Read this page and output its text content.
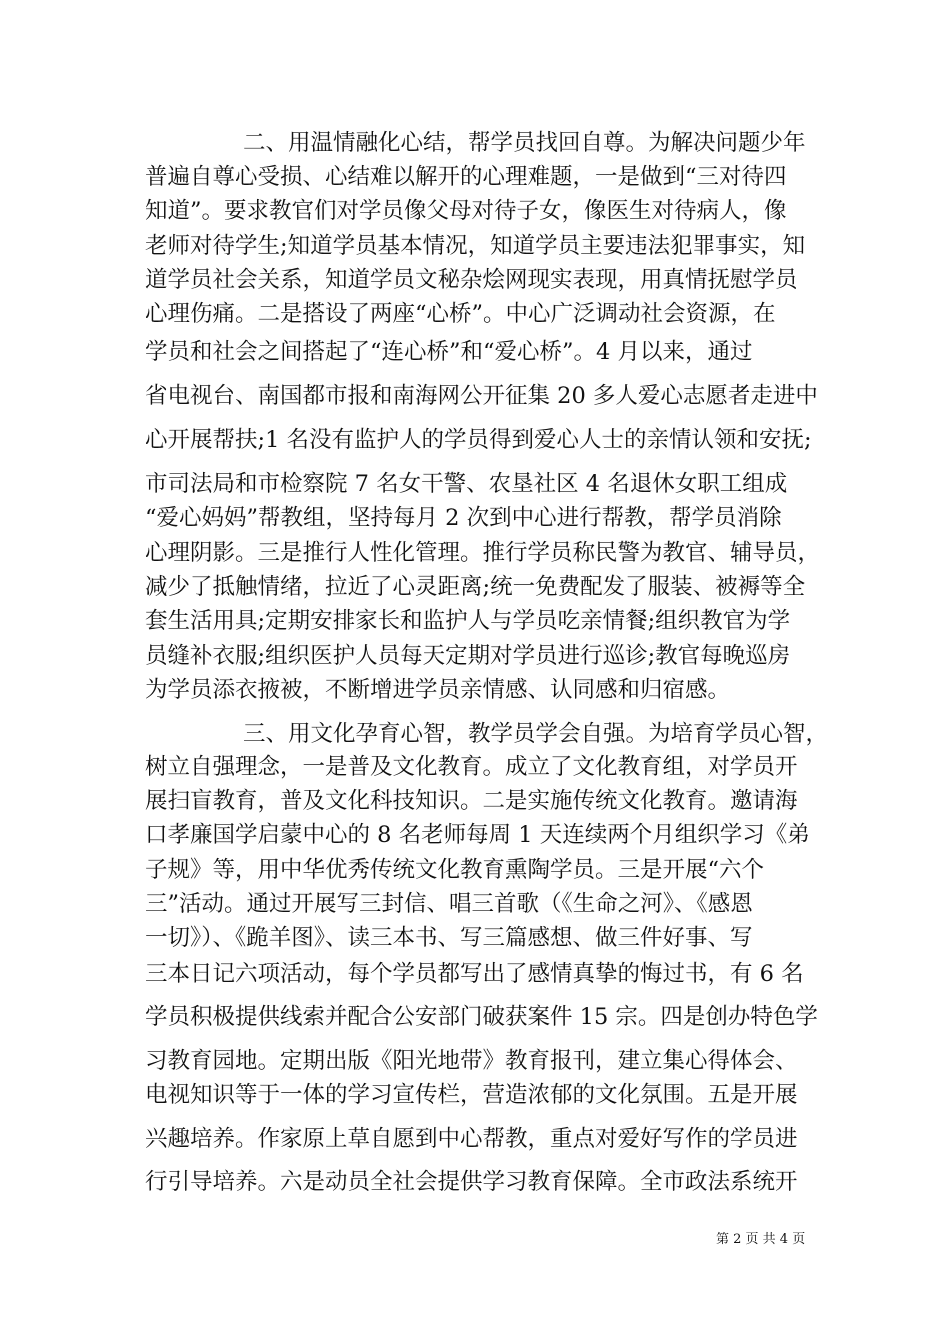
二、用温情融化心结，帮学员找回自尊。为解决问题少年
普遍自尊心受损、心结难以解开的心理难题，一是做到“三对待四
知道”。要求教官们对学员像父母对待子女，像医生对待病人，像
老师对待学生;知道学员基本情况，知道学员主要违法犯罪事实，知
道学员社会关系，知道学员文秘杂烩网现实表现，用真情抚慰学员
心理伤痛。二是搭设了两座“心桥”。中心广泛调动社会资源，在
学员和社会之间搭起了“连心桥”和“爱心桥”。4 月以来，通过
省电视台、南国都市报和南海网公开征集 20 多人爱心志愿者走进中
心开展帮扶;1 名没有监护人的学员得到爱心人士的亲情认领和安抚;
市司法局和市检察院 7 名女干警、农垦社区 4 名退休女职工组成
“爱心妈妈”帮教组，坚持每月 2 次到中心进行帮教，帮学员消除
心理阴影。三是推行人性化管理。推行学员称民警为教官、辅导员，
减少了抵触情绪，拉近了心灵距离;统一免费配发了服装、被褥等全
套生活用具;定期安排家长和监护人与学员吃亲情餐;组织教官为学
员缝补衣服;组织医护人员每天定期对学员进行巡诊;教官每晚巡房
为学员添衣掖被，不断增进学员亲情感、认同感和归宿感。
三、用文化孕育心智，教学员学会自强。为培育学员心智，
树立自强理念，一是普及文化教育。成立了文化教育组，对学员开
展扫盲教育，普及文化科技知识。二是实施传统文化教育。邀请海
口孝廉国学启蒙中心的 8 名老师每周 1 天连续两个月组织学习《弟
子规》等，用中华优秀传统文化教育熏陶学员。三是开展“六个
三”活动。通过开展写三封信、唱三首歌（《生命之河》、《感恩
一切》）、《跪羊图》、读三本书、写三篇感想、做三件好事、写
三本日记六项活动，每个学员都写出了感情真挚的悔过书，有 6 名
学员积极提供线索并配合公安部门破获案件 15 宗。四是创办特色学
习教育园地。定期出版《阳光地带》教育报刊，建立集心得体会、
电视知识等于一体的学习宣传栏，营造浓郁的文化氛围。五是开展
兴趣培养。作家原上草自愿到中心帮教，重点对爱好写作的学员进
行引导培养。六是动员全社会提供学习教育保障。全市政法系统开
第 2 页 共 4 页
